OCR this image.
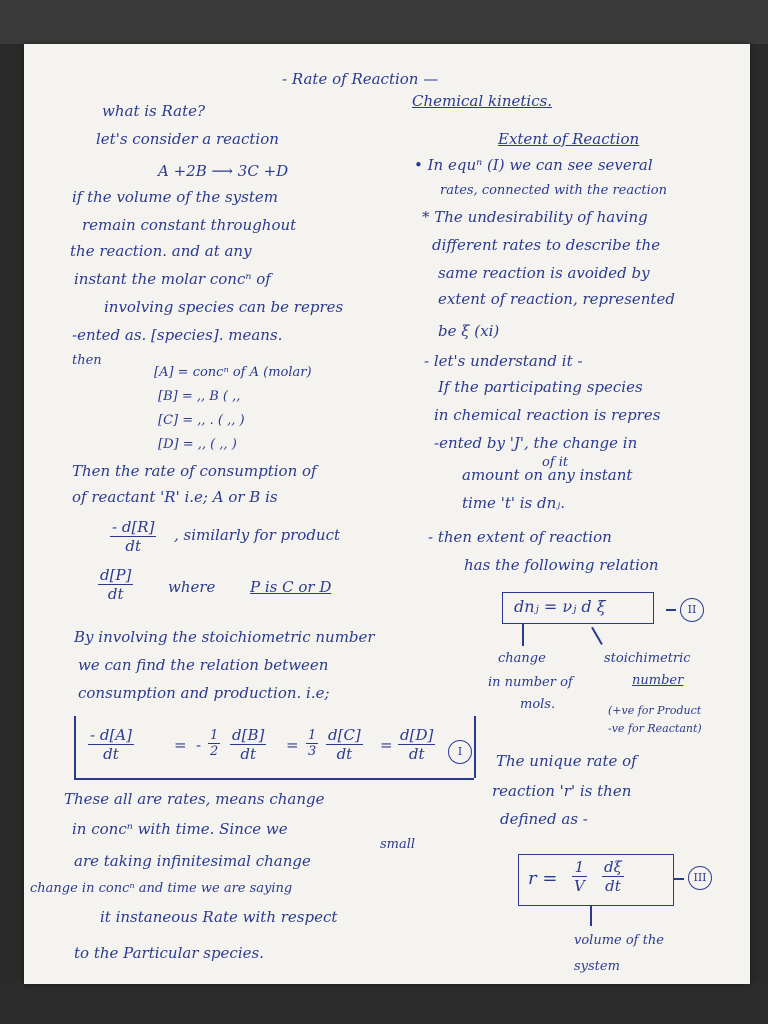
- Rate of Reaction —
Chemical kinetics.
what is Rate?
let's consider a reaction
A +2B ⟶ 3C +D
if the volume of the system
remain constant throughout
the reaction. and at any
instant the molar concⁿ of
involving species can be repres
-ented as. [species]. means.
then
[A] = concⁿ of A (molar)
[B] = ,, B ( ,,
[C] = ,, . ( ,, )
[D] = ,, ( ,, )
Then the rate of consumption of
of reactant 'R' i.e; A or B is
$\frac{- d[R]}{dt}$ , similarly for product
$\frac{d[P]}{dt}$ where P is C or D
By involving the stoichiometric number
we can find the relation between
consumption and production. i.e;
$\frac{- d[A]}{dt}$	= - $\frac{1}{2} \frac{d[B]}{dt} = \frac{1}{3} \frac{d[C]}{dt} = \frac{d[D]}{dt}$	I
These all are rates, means change
in concⁿ with time. Since we
small
are taking infinitesimal change
change in concⁿ and time we are saying
it instaneous Rate with respect
to the Particular species.
Extent of Reaction
• In equⁿ (I) we can see several
rates, connected with the reaction
* The undesirability of having
different rates to describe the
same reaction is avoided by
extent of reaction, represented
be ξ (xi)
- let's understand it -
If the participating species
in chemical reaction is repres
-ented by 'J', the change in
of it
amount on any instant
time 't' is dnⱼ.
- then extent of reaction
has the following relation
dnⱼ = νⱼ d ξ	II
change
in number of
mols.
stoichimetric
number
(+ve for Product
-ve for Reactant)
The unique rate of
reaction 'r' is then
defined as -
$r = \frac{1}{V} \frac{d\xi}{dt}$	III
volume of the
system
